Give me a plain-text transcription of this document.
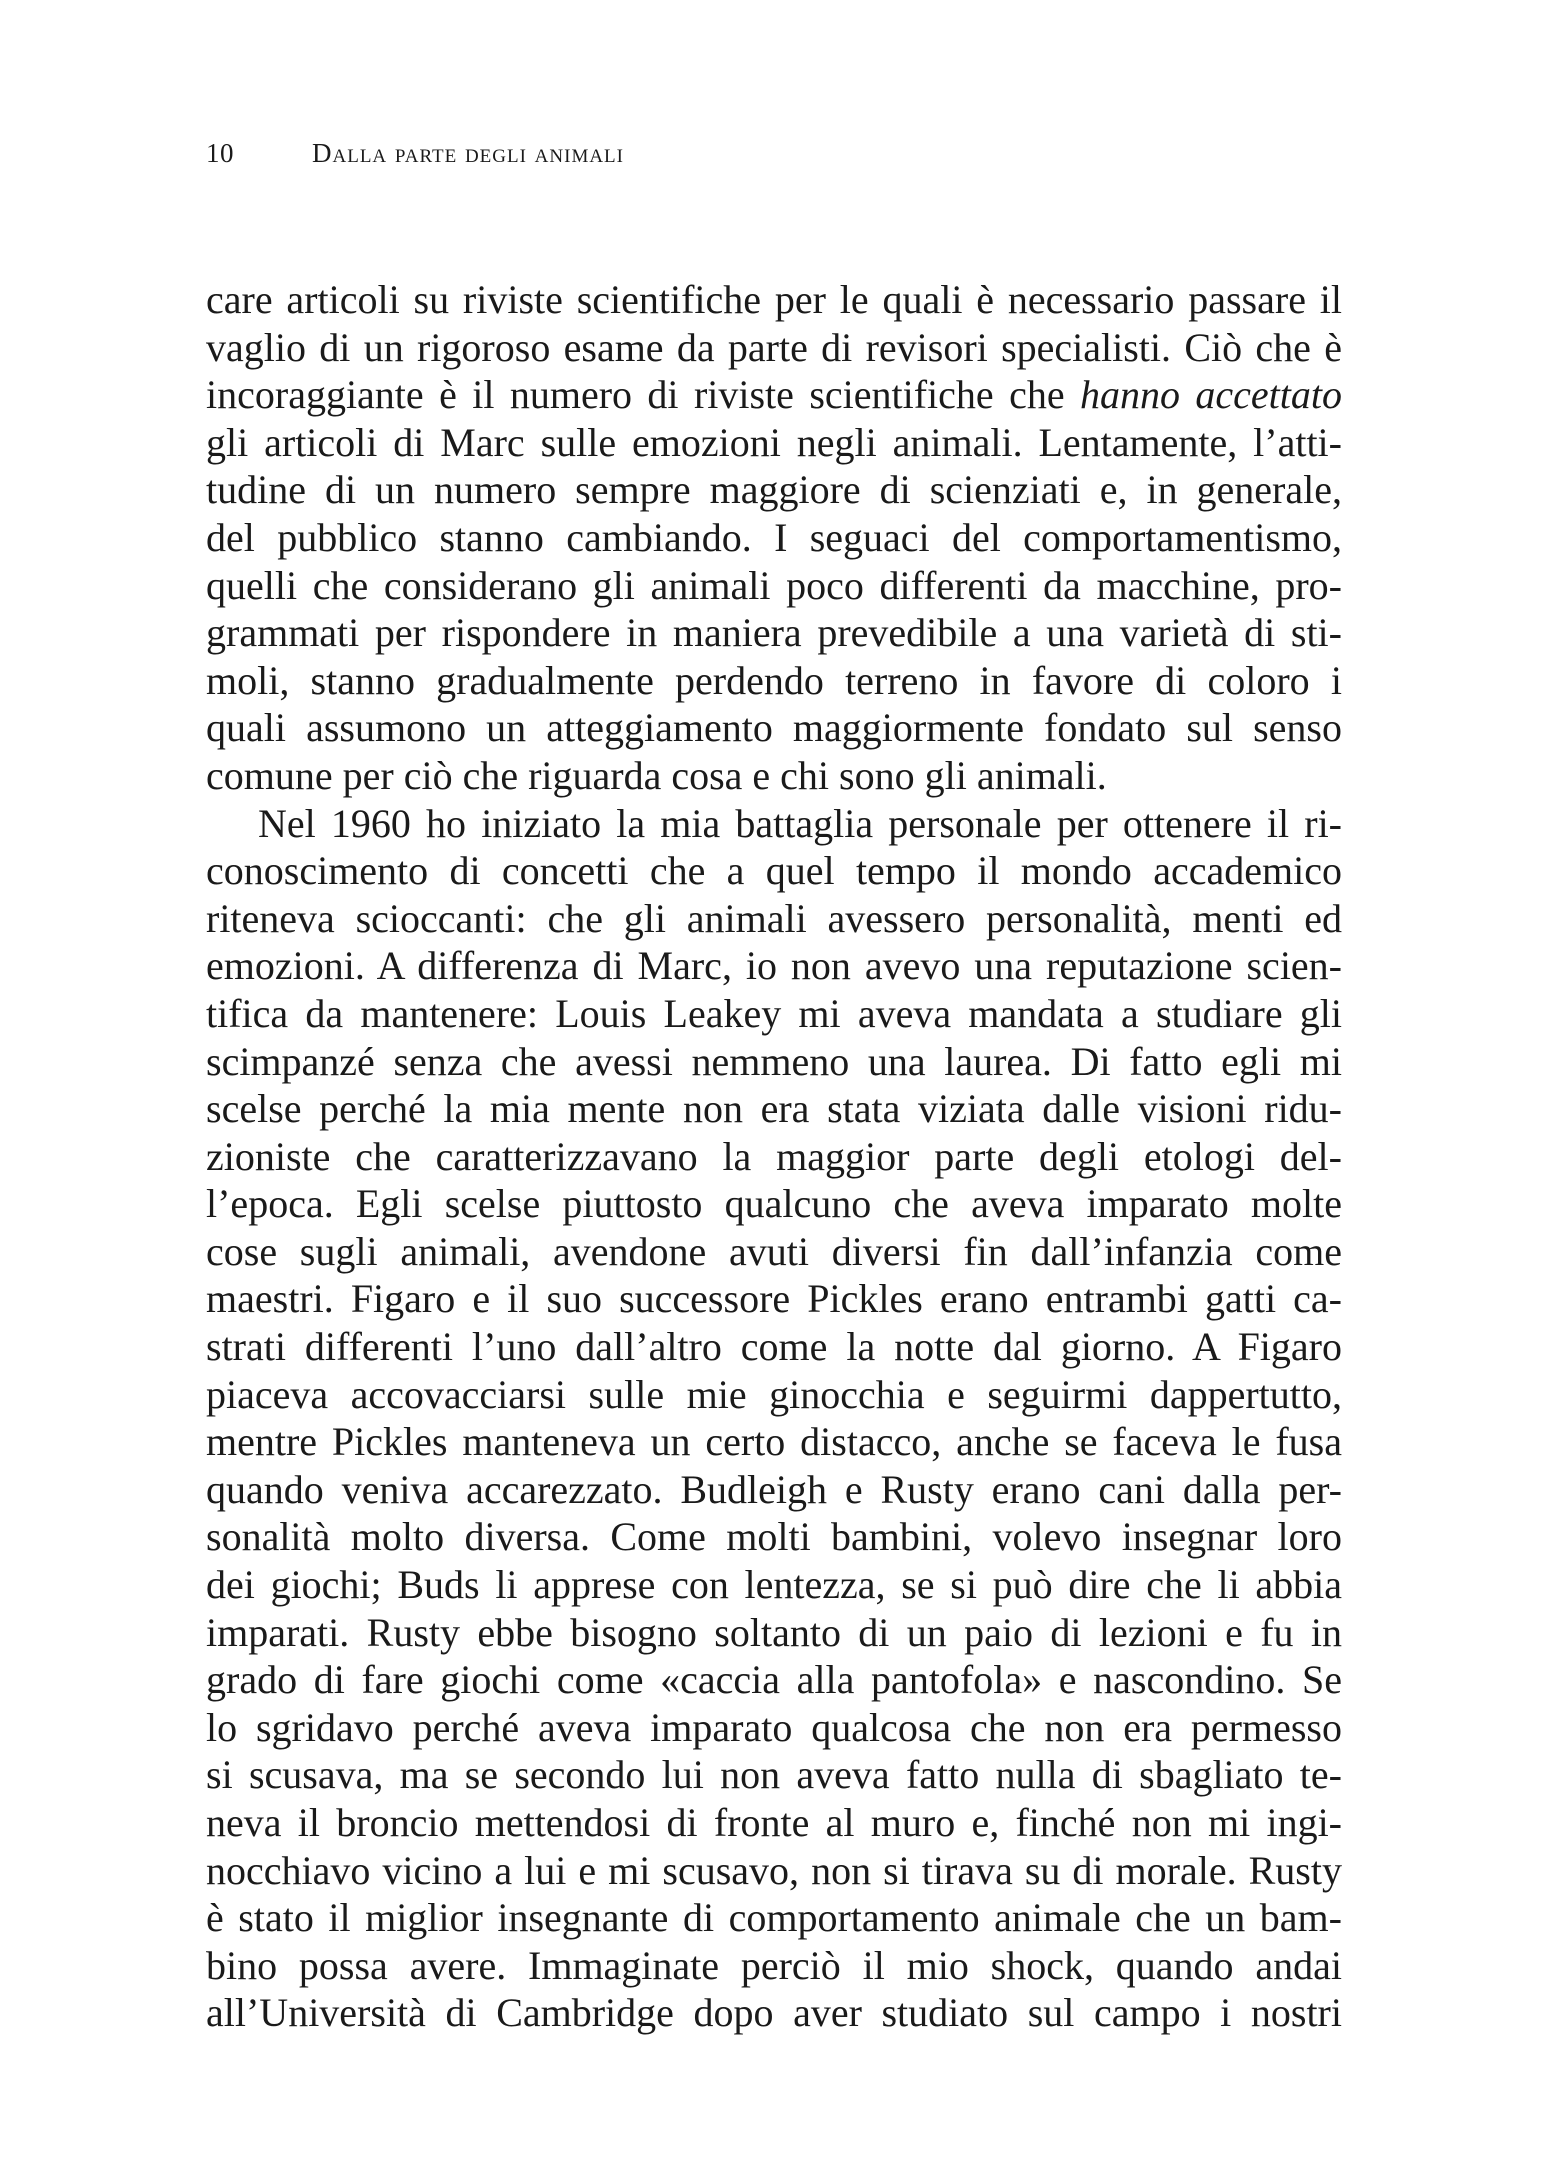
10	Dalla parte degli animali
care articoli su riviste scientifiche per le quali è necessario passare il
vaglio di un rigoroso esame da parte di revisori specialisti. Ciò che è
incoraggiante è il numero di riviste scientifiche che hanno accettato
gli articoli di Marc sulle emozioni negli animali. Lentamente, l’atti-
tudine di un numero sempre maggiore di scienziati e, in generale,
del pubblico stanno cambiando. I seguaci del comportamentismo,
quelli che considerano gli animali poco differenti da macchine, pro-
grammati per rispondere in maniera prevedibile a una varietà di sti-
moli, stanno gradualmente perdendo terreno in favore di coloro i
quali assumono un atteggiamento maggiormente fondato sul senso
comune per ciò che riguarda cosa e chi sono gli animali.
Nel 1960 ho iniziato la mia battaglia personale per ottenere il ri-
conoscimento di concetti che a quel tempo il mondo accademico
riteneva scioccanti: che gli animali avessero personalità, menti ed
emozioni. A differenza di Marc, io non avevo una reputazione scien-
tifica da mantenere: Louis Leakey mi aveva mandata a studiare gli
scimpanzé senza che avessi nemmeno una laurea. Di fatto egli mi
scelse perché la mia mente non era stata viziata dalle visioni ridu-
zioniste che caratterizzavano la maggior parte degli etologi del-
l’epoca. Egli scelse piuttosto qualcuno che aveva imparato molte
cose sugli animali, avendone avuti diversi fin dall’infanzia come
maestri. Figaro e il suo successore Pickles erano entrambi gatti ca-
strati differenti l’uno dall’altro come la notte dal giorno. A Figaro
piaceva accovacciarsi sulle mie ginocchia e seguirmi dappertutto,
mentre Pickles manteneva un certo distacco, anche se faceva le fusa
quando veniva accarezzato. Budleigh e Rusty erano cani dalla per-
sonalità molto diversa. Come molti bambini, volevo insegnar loro
dei giochi; Buds li apprese con lentezza, se si può dire che li abbia
imparati. Rusty ebbe bisogno soltanto di un paio di lezioni e fu in
grado di fare giochi come «caccia alla pantofola» e nascondino. Se
lo sgridavo perché aveva imparato qualcosa che non era permesso
si scusava, ma se secondo lui non aveva fatto nulla di sbagliato te-
neva il broncio mettendosi di fronte al muro e, finché non mi ingi-
nocchiavo vicino a lui e mi scusavo, non si tirava su di morale. Rusty
è stato il miglior insegnante di comportamento animale che un bam-
bino possa avere. Immaginate perciò il mio shock, quando andai
all’Università di Cambridge dopo aver studiato sul campo i nostri
